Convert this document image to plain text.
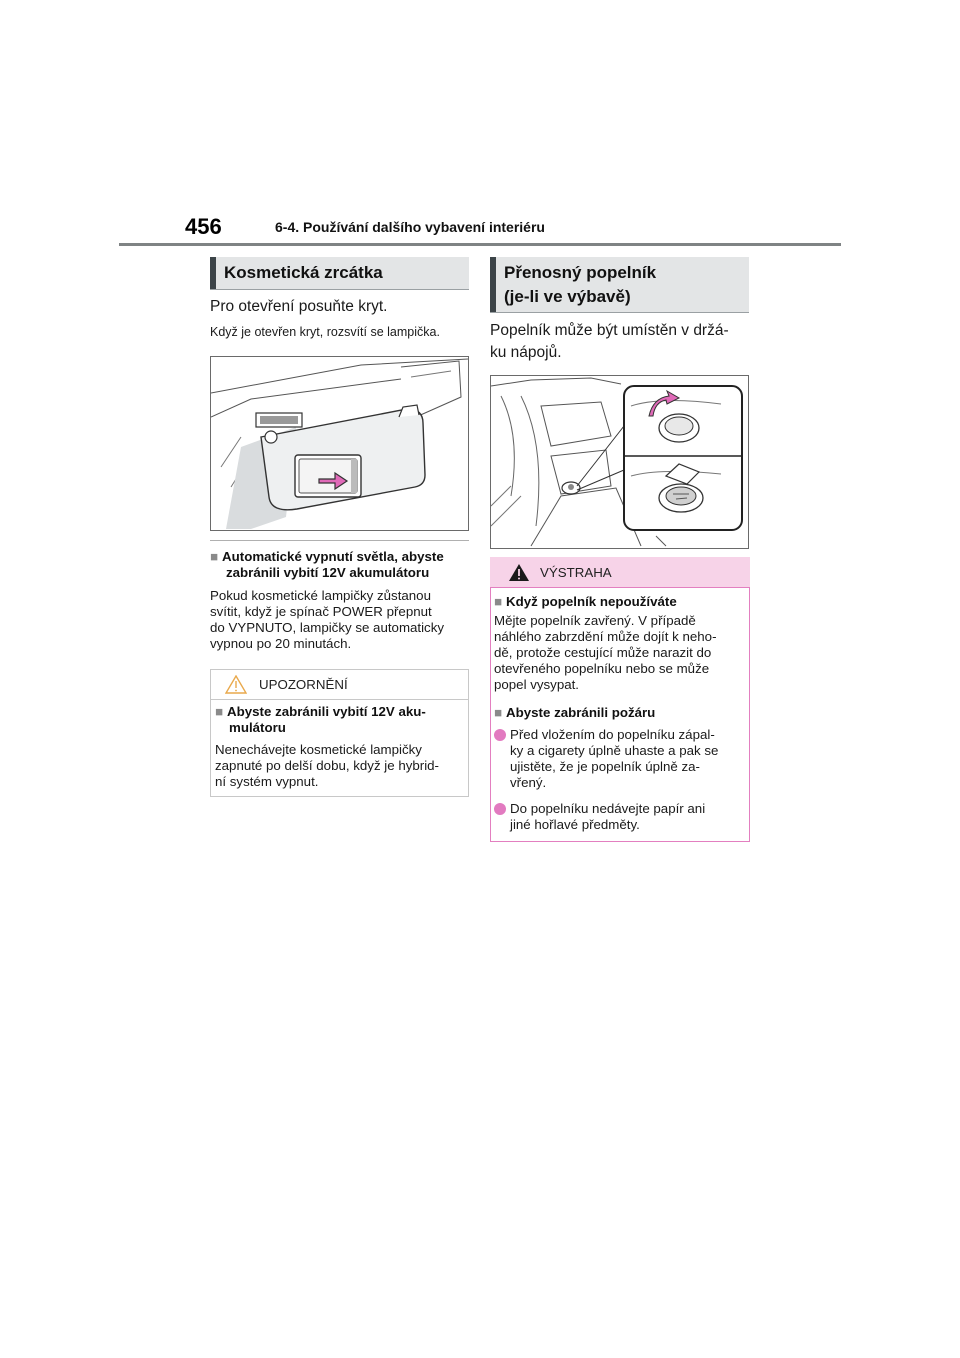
456	6-4. Používání dalšího vybavení interiéru
Kosmetická zrcátka
Pro otevření posuňte kryt.
Když je otevřen kryt, rozsvítí se lampička.
■ Automatické vypnutí světla, abyste
zabránili vybití 12V akumulátoru
Pokud kosmetické lampičky zůstanou
svítit, když je spínač POWER přepnut
do VYPNUTO, lampičky se automaticky
vypnou po 20 minutách.
UPOZORNĚNÍ
■ Abyste zabránili vybití 12V aku-
mulátoru
Nenechávejte kosmetické lampičky
zapnuté po delší dobu, když je hybrid-
ní systém vypnut.
Přenosný popelník
(je-li ve výbavě)
Popelník může být umístěn v držá-
ku nápojů.
VÝSTRAHA
■ Když popelník nepoužíváte
Mějte popelník zavřený. V případě
náhlého zabrzdění může dojít k neho-
dě, protože cestující může narazit do
otevřeného popelníku nebo se může
popel vysypat.
■ Abyste zabránili požáru
Před vložením do popelníku zápal-
ky a cigarety úplně uhaste a pak se
ujistěte, že je popelník úplně za-
vřený.
Do popelníku nedávejte papír ani
jiné hořlavé předměty.
